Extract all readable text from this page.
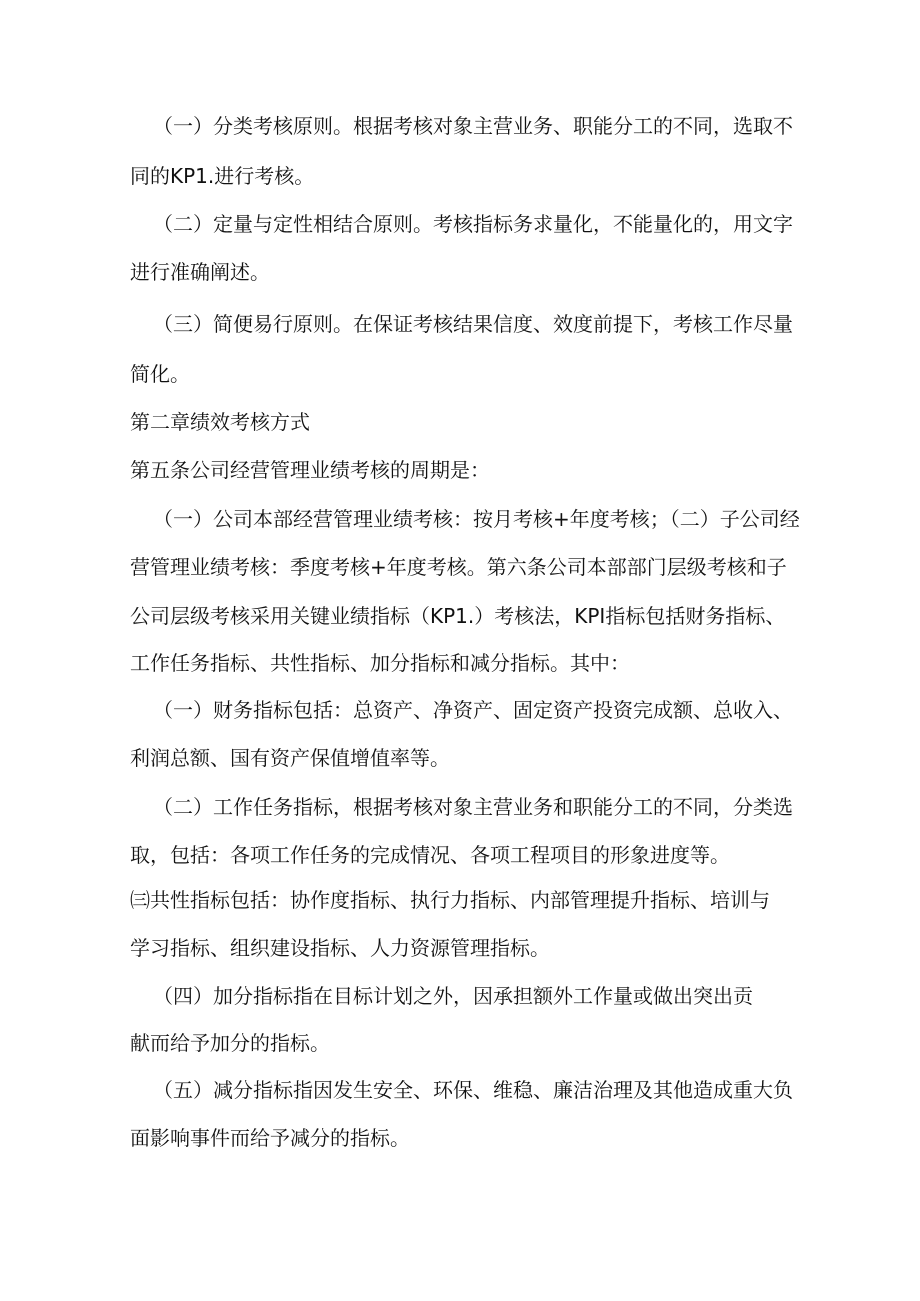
（一）分类考核原则。根据考核对象主营业务、职能分工的不同，选取不
同的KP1.进行考核。
（二）定量与定性相结合原则。考核指标务求量化，不能量化的，用文字
进行准确阐述。
（三）简便易行原则。在保证考核结果信度、效度前提下，考核工作尽量
简化。
第二章绩效考核方式
第五条公司经营管理业绩考核的周期是：
（一）公司本部经营管理业绩考核：按月考核+年度考核；（二）子公司经
营管理业绩考核：季度考核+年度考核。第六条公司本部部门层级考核和子
公司层级考核采用关键业绩指标（KP1.）考核法，KPI指标包括财务指标、
工作任务指标、共性指标、加分指标和减分指标。其中：
（一）财务指标包括：总资产、净资产、固定资产投资完成额、总收入、
利润总额、国有资产保值增值率等。
（二）工作任务指标，根据考核对象主营业务和职能分工的不同，分类选
取，包括：各项工作任务的完成情况、各项工程项目的形象进度等。
㈢共性指标包括：协作度指标、执行力指标、内部管理提升指标、培训与
学习指标、组织建设指标、人力资源管理指标。
（四）加分指标指在目标计划之外，因承担额外工作量或做出突出贡
献而给予加分的指标。
（五）减分指标指因发生安全、环保、维稳、廉洁治理及其他造成重大负
面影响事件而给予减分的指标。
